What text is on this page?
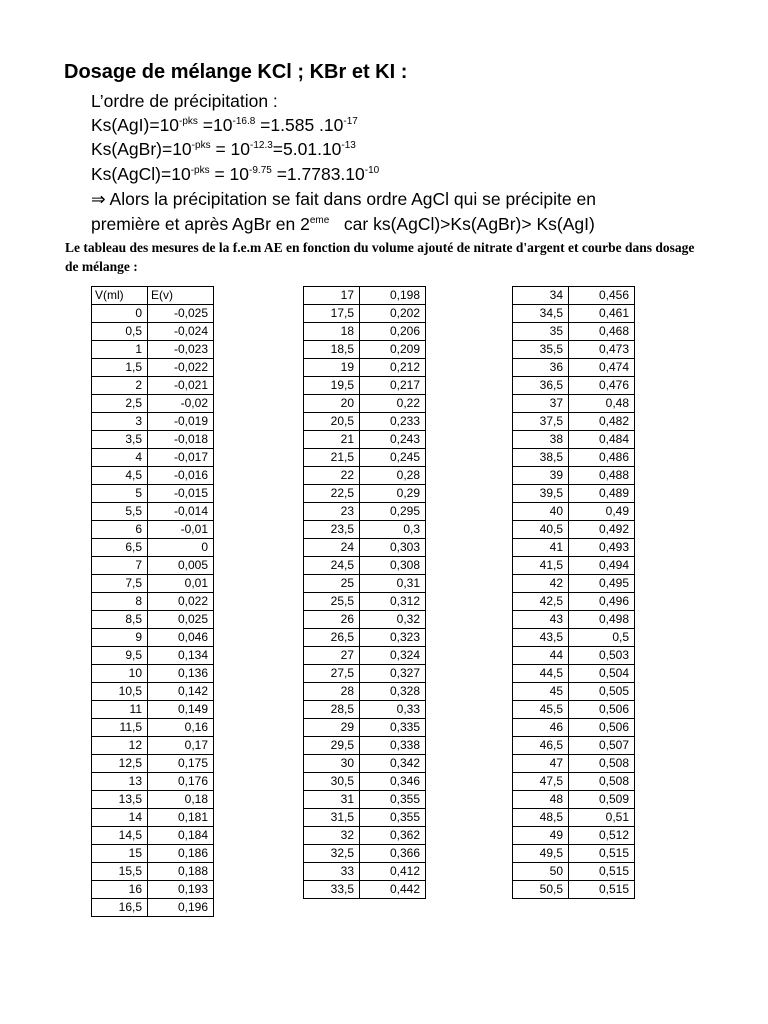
Dosage de mélange KCl ; KBr et KI :
L’ordre de précipitation :
$Ks(AgI)=10^{-pks} =10^{-16.8} =1.585$ $.10^{-17}$
$Ks(AgBr)=10^{-pks} = 10^{-12.3}=5.01.10^{-13}$
$Ks(AgCl)=10^{-pks} = 10^{-9.75} =1.7783.10^{-10}$
⇒ Alors la précipitation se fait dans ordre AgCl qui se précipite en
première et après AgBr en 2eme   car ks(AgCl)>Ks(AgBr)> Ks(AgI)
Le tableau des mesures de la f.e.m AE en fonction du volume ajouté de nitrate d'argent et courbe dans dosage de mélange :
V(ml)	E(v)
0	-0,025
0,5	-0,024
1	-0,023
1,5	-0,022
2	-0,021
2,5	-0,02
3	-0,019
3,5	-0,018
4	-0,017
4,5	-0,016
5	-0,015
5,5	-0,014
6	-0,01
6,5	0
7	0,005
7,5	0,01
8	0,022
8,5	0,025
9	0,046
9,5	0,134
10	0,136
10,5	0,142
11	0,149
11,5	0,16
12	0,17
12,5	0,175
13	0,176
13,5	0,18
14	0,181
14,5	0,184
15	0,186
15,5	0,188
16	0,193
16,5	0,196
17	0,198
17,5	0,202
18	0,206
18,5	0,209
19	0,212
19,5	0,217
20	0,22
20,5	0,233
21	0,243
21,5	0,245
22	0,28
22,5	0,29
23	0,295
23,5	0,3
24	0,303
24,5	0,308
25	0,31
25,5	0,312
26	0,32
26,5	0,323
27	0,324
27,5	0,327
28	0,328
28,5	0,33
29	0,335
29,5	0,338
30	0,342
30,5	0,346
31	0,355
31,5	0,355
32	0,362
32,5	0,366
33	0,412
33,5	0,442
34	0,456
34,5	0,461
35	0,468
35,5	0,473
36	0,474
36,5	0,476
37	0,48
37,5	0,482
38	0,484
38,5	0,486
39	0,488
39,5	0,489
40	0,49
40,5	0,492
41	0,493
41,5	0,494
42	0,495
42,5	0,496
43	0,498
43,5	0,5
44	0,503
44,5	0,504
45	0,505
45,5	0,506
46	0,506
46,5	0,507
47	0,508
47,5	0,508
48	0,509
48,5	0,51
49	0,512
49,5	0,515
50	0,515
50,5	0,515
